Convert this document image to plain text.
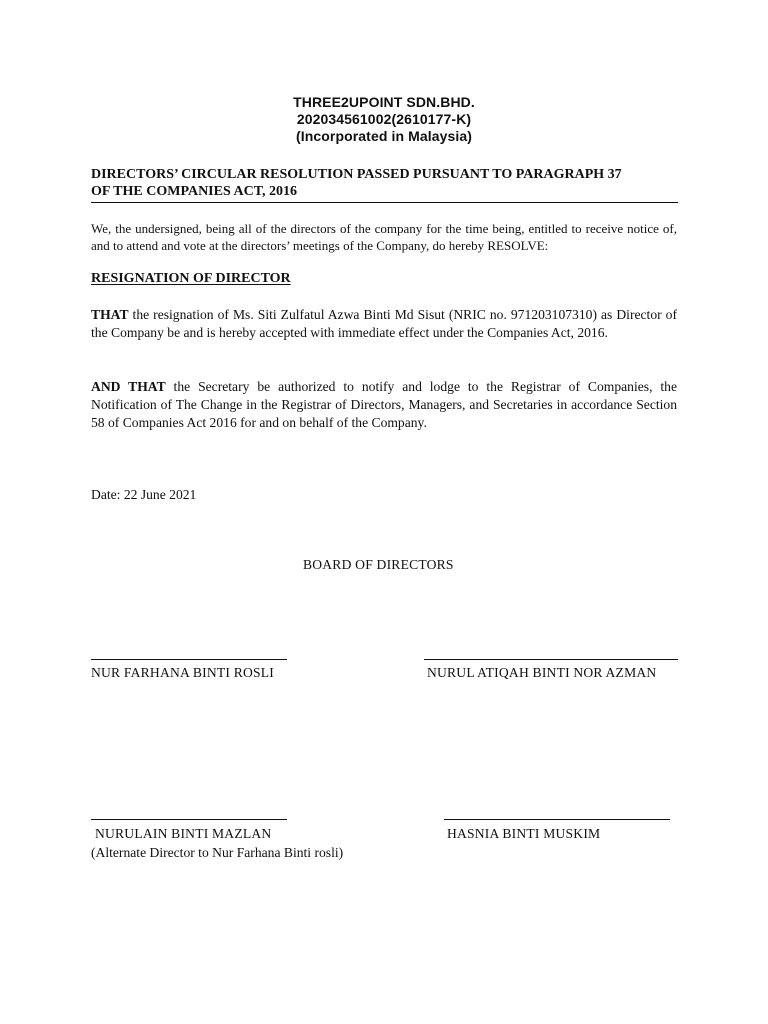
THREE2UPOINT SDN.BHD.
202034561002(2610177-K)
(Incorporated in Malaysia)
DIRECTORS’ CIRCULAR RESOLUTION PASSED PURSUANT TO PARAGRAPH 37
OF THE COMPANIES ACT, 2016
We, the undersigned, being all of the directors of the company for the time being, entitled to receive notice of, and to attend and vote at the directors’ meetings of the Company, do hereby RESOLVE:
RESIGNATION OF DIRECTOR
THAT the resignation of Ms. Siti Zulfatul Azwa Binti Md Sisut (NRIC no. 971203107310) as Director of the Company be and is hereby accepted with immediate effect under the Companies Act, 2016.
AND THAT the Secretary be authorized to notify and lodge to the Registrar of Companies, the Notification of The Change in the Registrar of Directors, Managers, and Secretaries in accordance Section 58 of Companies Act 2016 for and on behalf of the Company.
Date: 22 June 2021
BOARD OF DIRECTORS
NUR FARHANA BINTI ROSLI	NURUL ATIQAH BINTI NOR AZMAN
NURULAIN BINTI MAZLAN
(Alternate Director to Nur Farhana Binti rosli)
HASNIA BINTI MUSKIM
